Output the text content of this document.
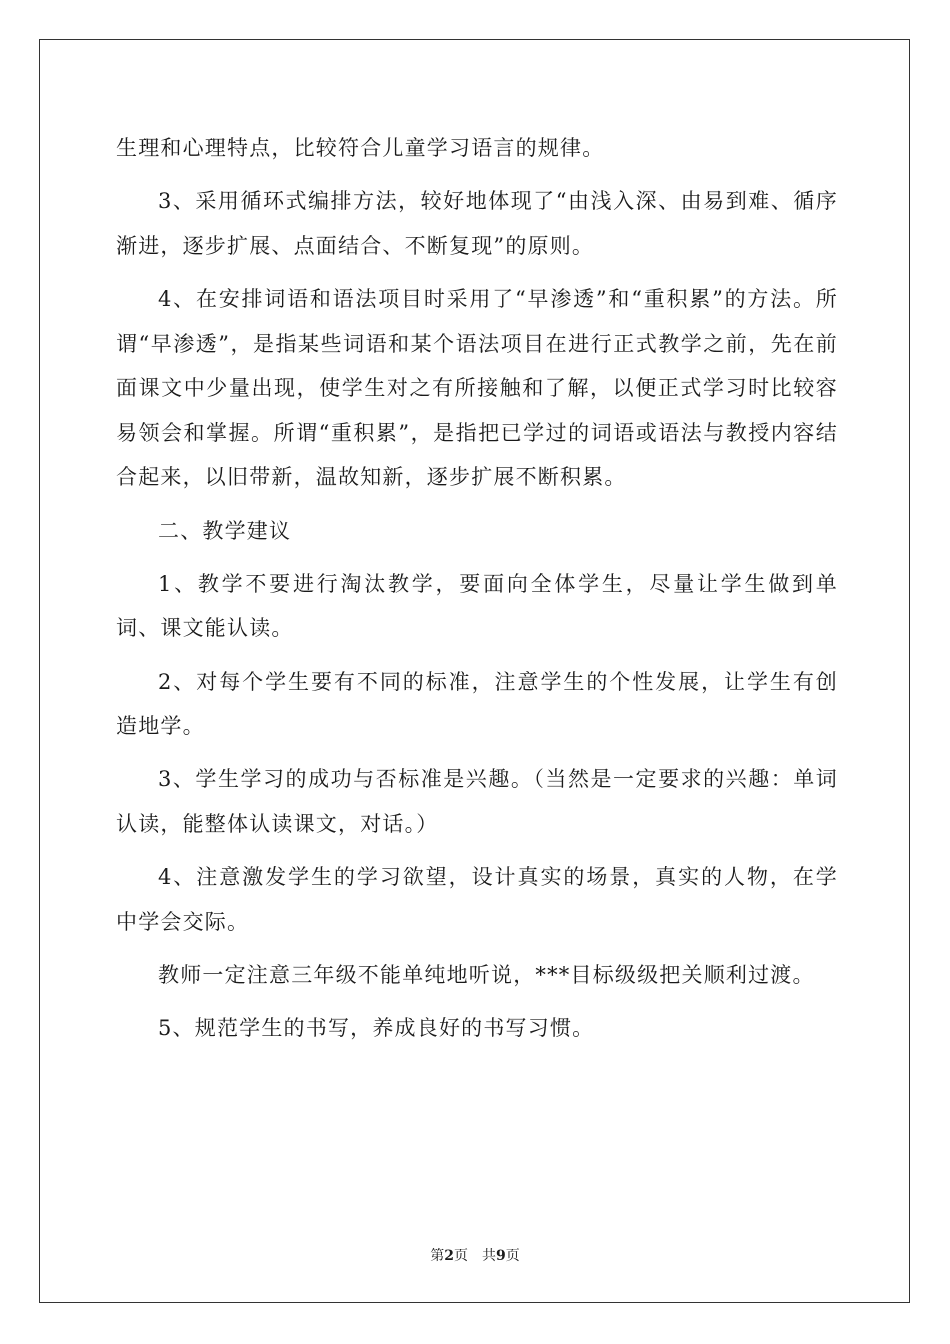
生理和心理特点，比较符合儿童学习语言的规律。

3、采用循环式编排方法，较好地体现了“由浅入深、由易到难、循序渐进，逐步扩展、点面结合、不断复现”的原则。

4、在安排词语和语法项目时采用了“早渗透”和“重积累”的方法。所谓“早渗透”，是指某些词语和某个语法项目在进行正式教学之前，先在前面课文中少量出现，使学生对之有所接触和了解，以便正式学习时比较容易领会和掌握。所谓“重积累”，是指把已学过的词语或语法与教授内容结合起来，以旧带新，温故知新，逐步扩展不断积累。

二、教学建议

1、教学不要进行淘汰教学，要面向全体学生，尽量让学生做到单词、课文能认读。

2、对每个学生要有不同的标准，注意学生的个性发展，让学生有创造地学。

3、学生学习的成功与否标准是兴趣。（当然是一定要求的兴趣：单词认读，能整体认读课文，对话。）

4、注意激发学生的学习欲望，设计真实的场景，真实的人物，在学中学会交际。

教师一定注意三年级不能单纯地听说，***目标级级把关顺利过渡。

5、规范学生的书写，养成良好的书写习惯。

第2页 共9页
